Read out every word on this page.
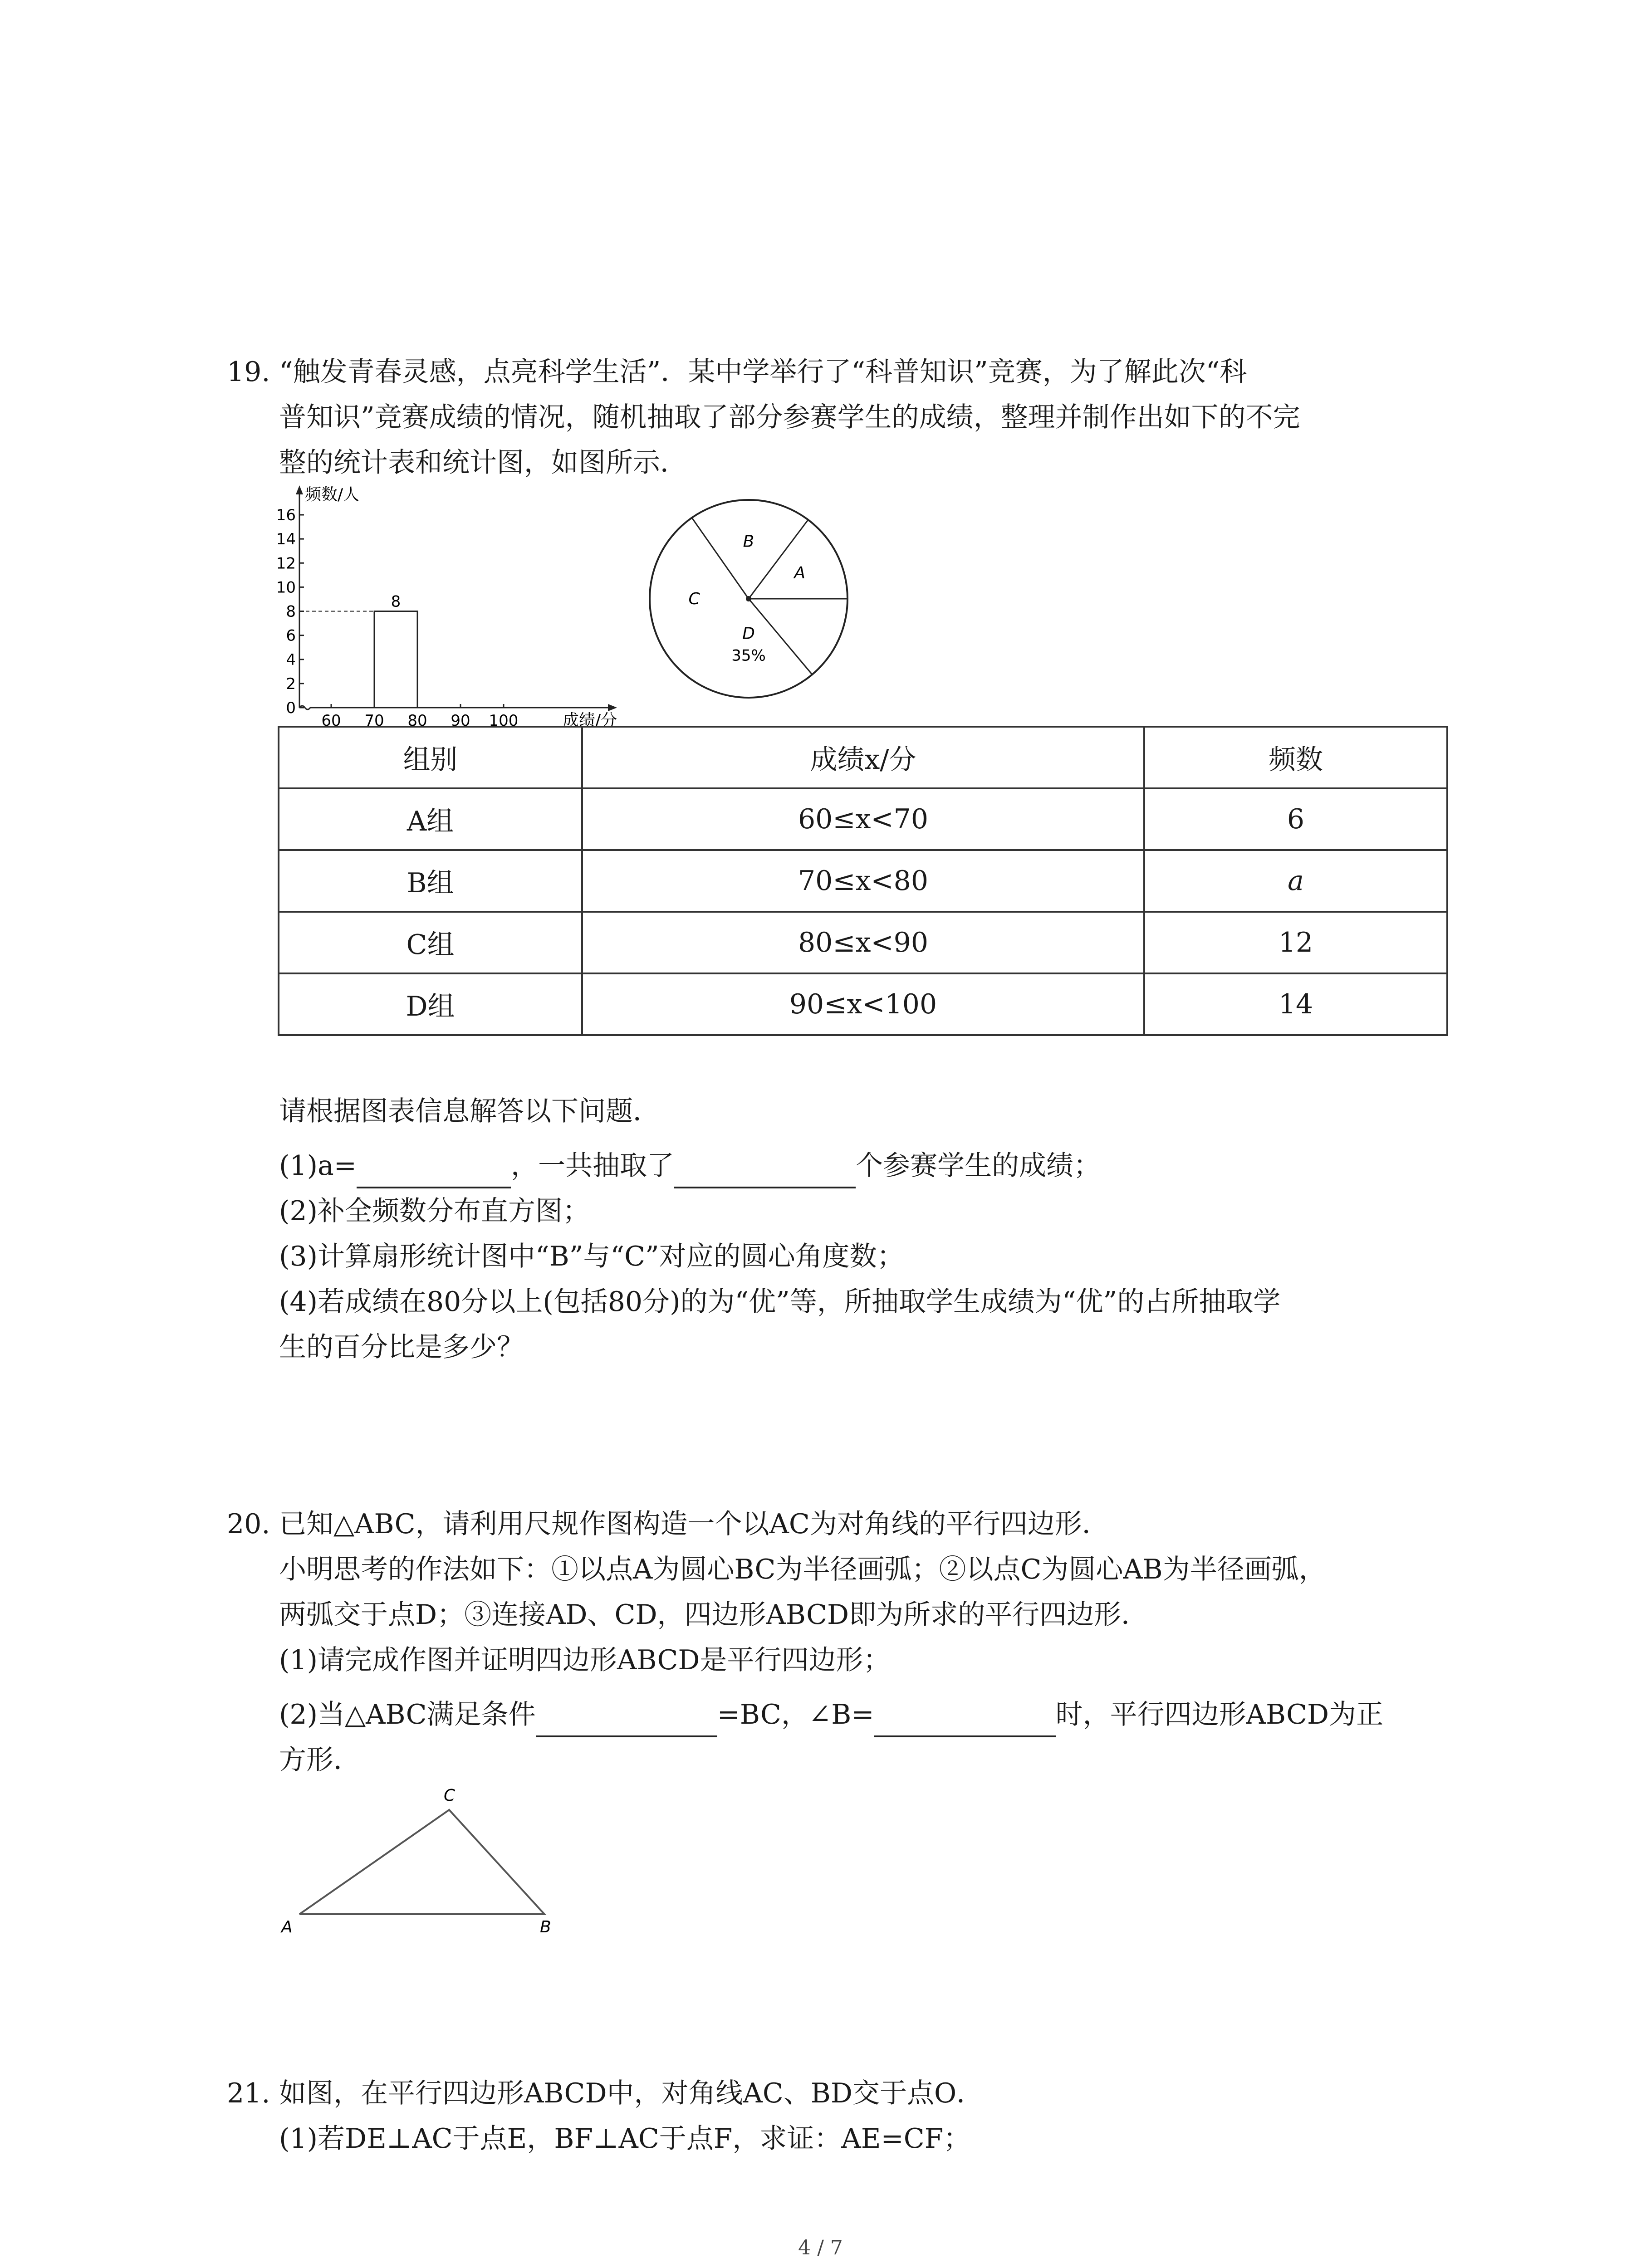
19. “触发青春灵感，点亮科学生活”．某中学举行了“科普知识”竞赛，为了解此次“科
普知识”竞赛成绩的情况，随机抽取了部分参赛学生的成绩，整理并制作出如下的不完
整的统计表和统计图，如图所示．
频数/人
成绩/分
0
2
4
6
8
10
12
14
16
60 70 80 90 100
8
A
B
C
D
35%
组别	成绩x/分	频数
A组	60≤x<70	6
B组	70≤x<80	a
C组	80≤x<90	12
D组	90≤x<100	14
请根据图表信息解答以下问题．
(1)a=	，一共抽取了	个参赛学生的成绩；
(2)补全频数分布直方图；
(3)计算扇形统计图中“B”与“C”对应的圆心角度数；
(4)若成绩在80分以上(包括80分)的为“优”等，所抽取学生成绩为“优”的占所抽取学
生的百分比是多少？
20. 已知△ABC，请利用尺规作图构造一个以AC为对角线的平行四边形．
小明思考的作法如下：①以点A为圆心BC为半径画弧；②以点C为圆心AB为半径画弧，
两弧交于点D；③连接AD、CD，四边形ABCD即为所求的平行四边形．
(1)请完成作图并证明四边形ABCD是平行四边形；
(2)当△ABC满足条件	=BC，∠B=	时，平行四边形ABCD为正
方形．
A	B
C
21. 如图，在平行四边形ABCD中，对角线AC、BD交于点O．
(1)若DE⊥AC于点E，BF⊥AC于点F，求证：AE=CF；
4 / 7
